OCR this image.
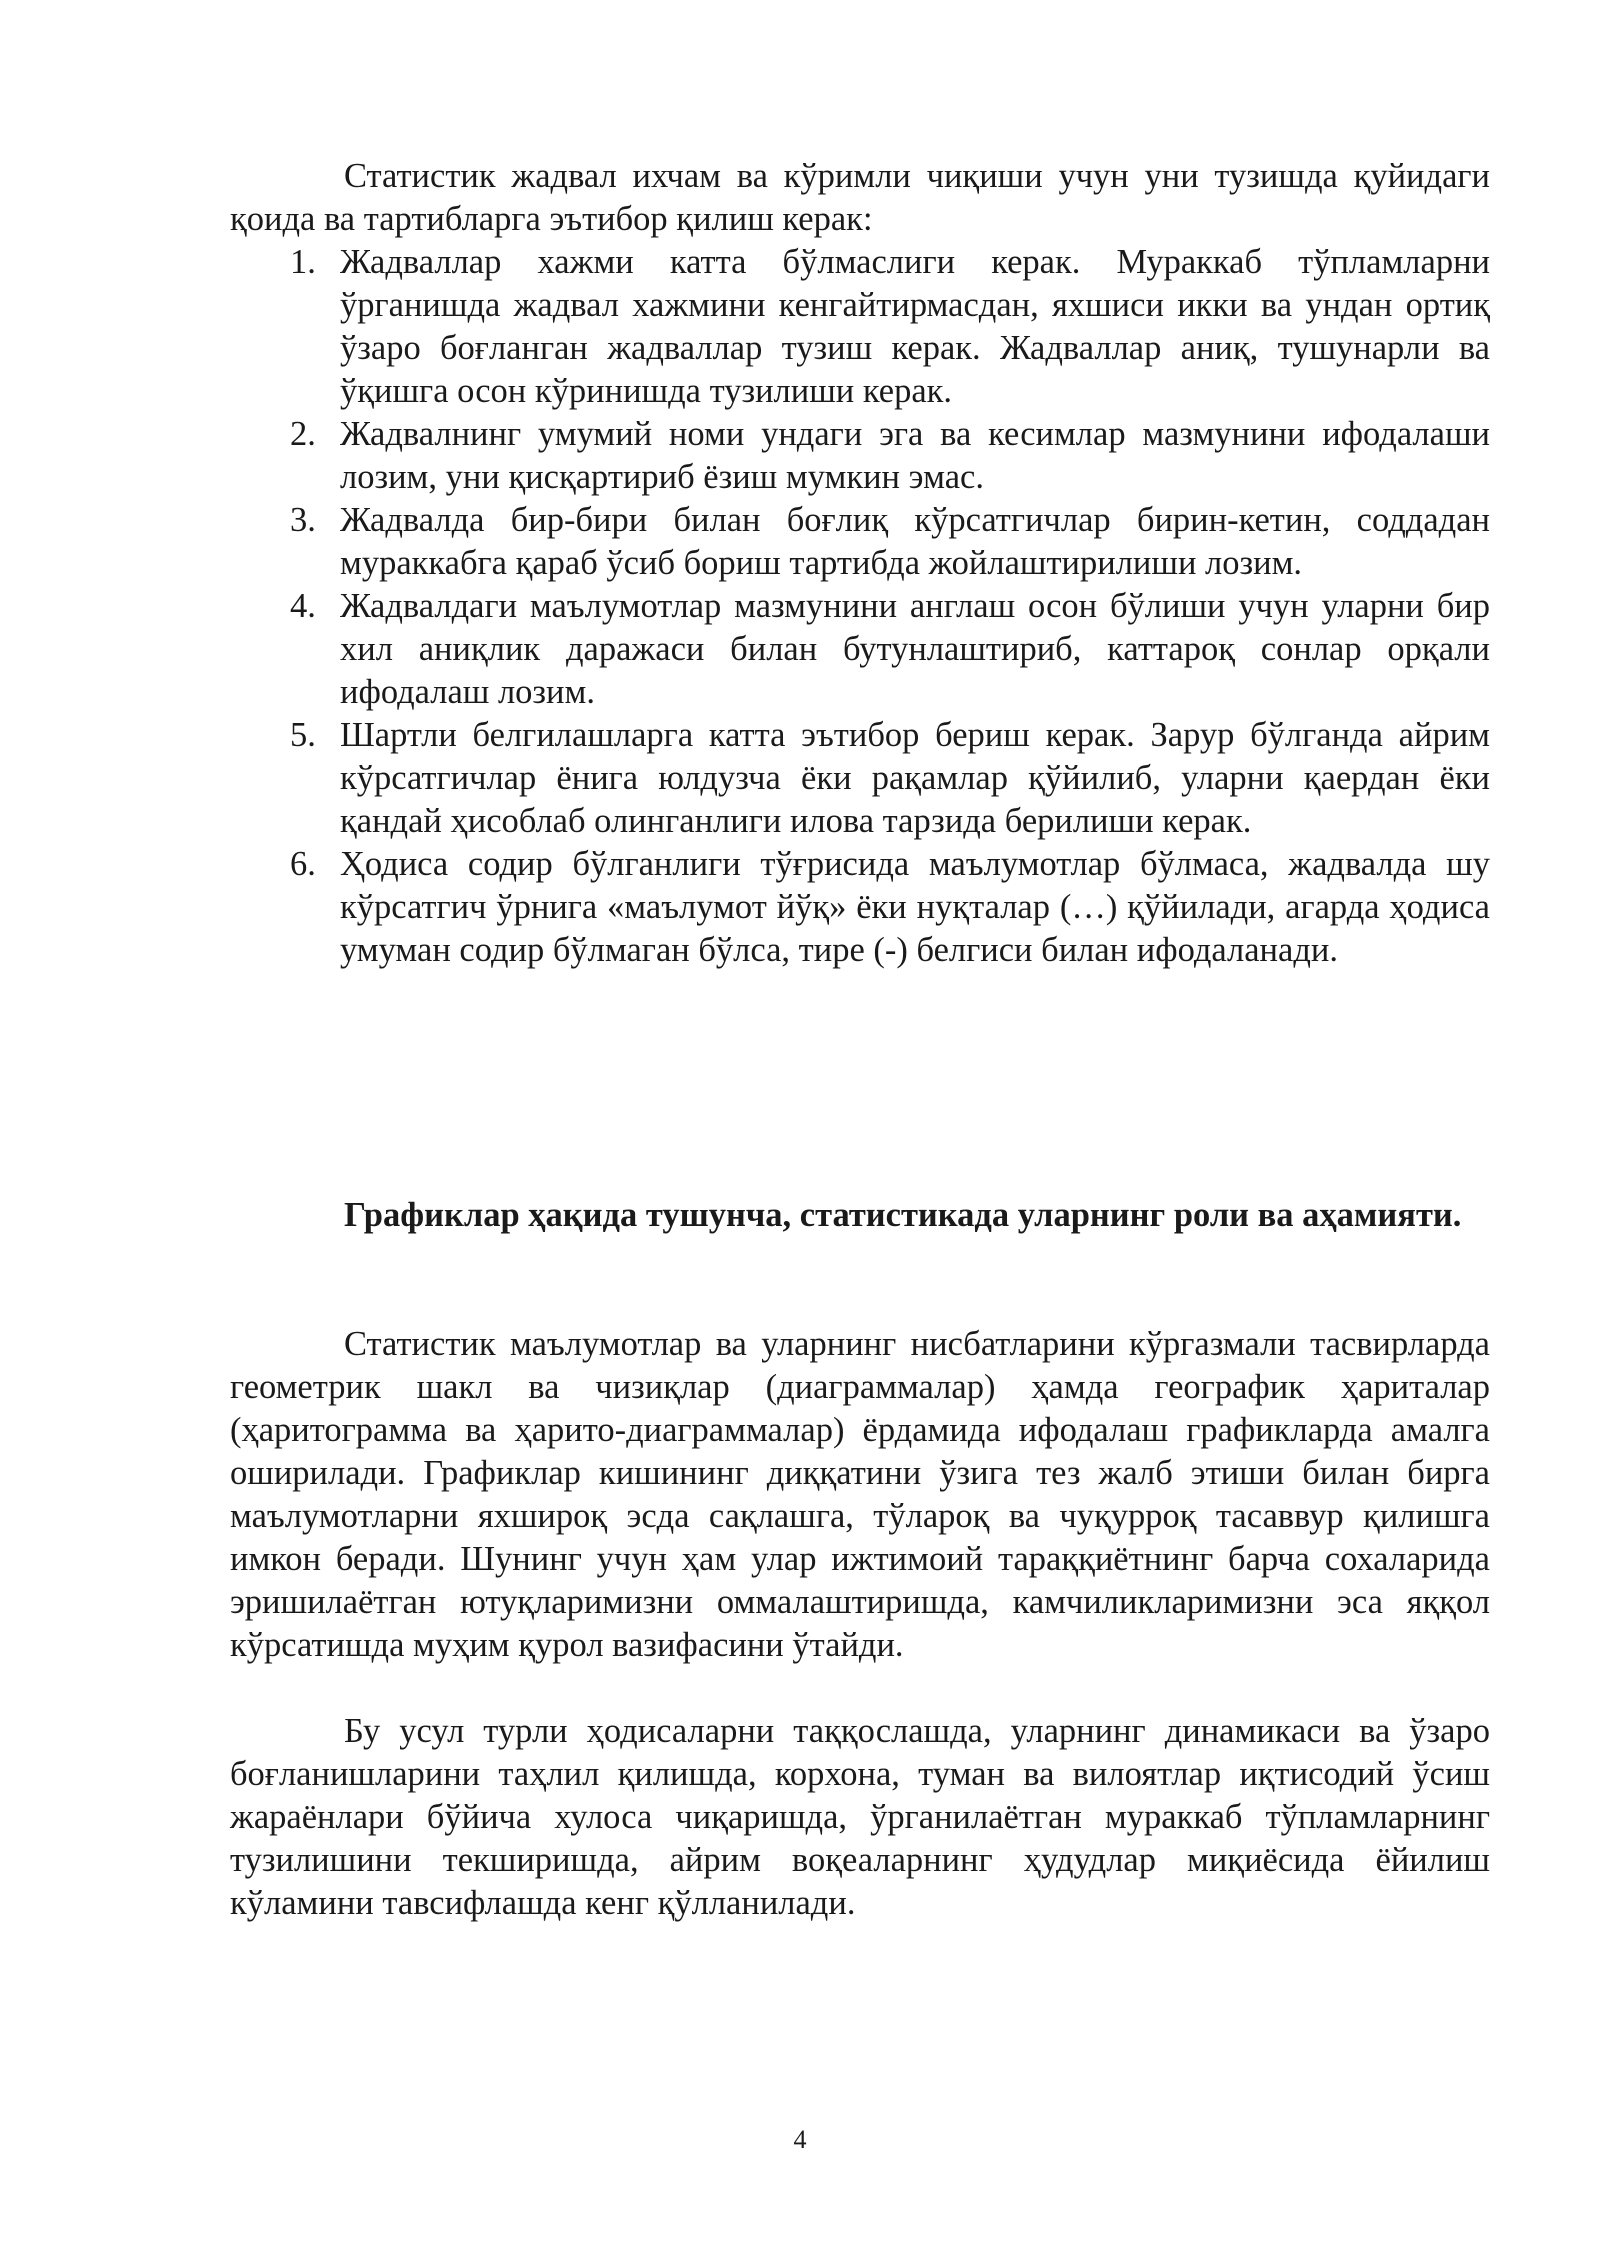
Статистик жадвал ихчам ва кўримли чиқиши учун уни тузишда қуйидаги қоида ва тартибларга эътибор қилиш керак:

1. Жадваллар хажми катта бўлмаслиги керак. Мураккаб тўпламларни ўрганишда жадвал хажмини кенгайтирмасдан, яхшиси икки ва ундан ортиқ ўзаро боғланган жадваллар тузиш керак. Жадваллар аниқ, тушунарли ва ўқишга осон кўринишда тузилиши керак.
2. Жадвалнинг умумий номи ундаги эга ва кесимлар мазмунини ифодалаши лозим, уни қисқартириб ёзиш мумкин эмас.
3. Жадвалда бир-бири билан боғлиқ кўрсатгичлар бирин-кетин, соддадан мураккабга қараб ўсиб бориш тартибда жойлаштирилиши лозим.
4. Жадвалдаги маълумотлар мазмунини англаш осон бўлиши учун уларни бир хил аниқлик даражаси билан бутунлаштириб, каттароқ сонлар орқали ифодалаш лозим.
5. Шартли белгилашларга катта эътибор бериш керак. Зарур бўлганда айрим кўрсатгичлар ёнига юлдузча ёки рақамлар қўйилиб, уларни қаердан ёки қандай ҳисоблаб олинганлиги илова тарзида берилиши керак.
6. Ҳодиса содир бўлганлиги тўғрисида маълумотлар бўлмаса, жадвалда шу кўрсатгич ўрнига «маълумот йўқ» ёки нуқталар (…) қўйилади, агарда ҳодиса умуман содир бўлмаган бўлса, тире (-) белгиси билан ифодаланади.
Графиклар ҳақида тушунча, статистикада уларнинг роли ва аҳамияти.

Статистик маълумотлар ва уларнинг нисбатларини кўргазмали тасвирларда геометрик шакл ва чизиқлар (диаграммалар) ҳамда географик ҳариталар (ҳаритограмма ва ҳарито-диаграммалар) ёрдамида ифодалаш графикларда амалга оширилади. Графиклар кишининг диққатини ўзига тез жалб этиши билан бирга маълумотларни яхшироқ эсда сақлашга, тўлароқ ва чуқурроқ тасаввур қилишга имкон беради. Шунинг учун ҳам улар ижтимоий тараққиётнинг барча сохаларида эришилаётган ютуқларимизни оммалаштиришда, камчиликларимизни эса яққол кўрсатишда муҳим қурол вазифасини ўтайди.

Бу усул турли ҳодисаларни таққослашда, уларнинг динамикаси ва ўзаро боғланишларини таҳлил қилишда, корхона, туман ва вилоятлар иқтисодий ўсиш жараёнлари бўйича хулоса чиқаришда, ўрганилаётган мураккаб тўпламларнинг тузилишини текширишда, айрим воқеаларнинг ҳудудлар миқиёсида ёйилиш кўламини тавсифлашда кенг қўлланилади.

4
